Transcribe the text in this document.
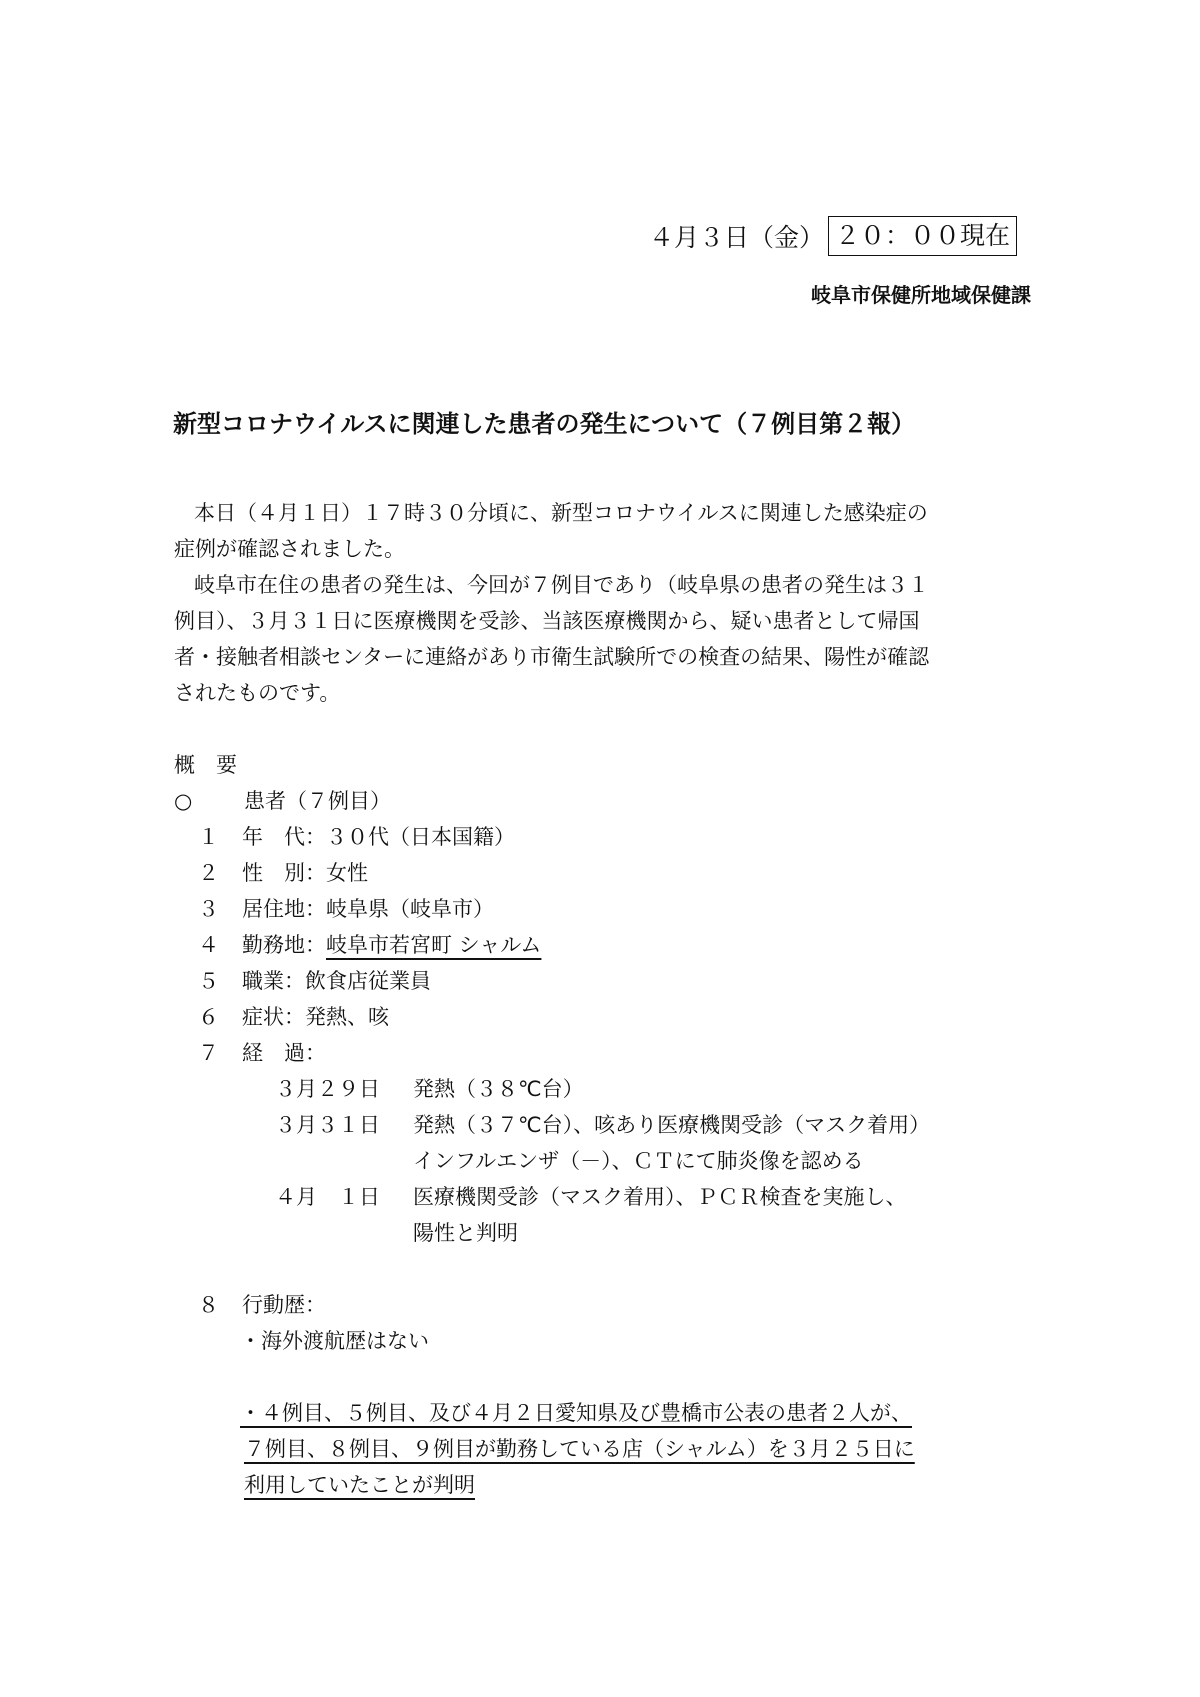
４月３日（金） ２０：００現在
岐阜市保健所地域保健課
新型コロナウイルスに関連した患者の発生について（７例目第２報）
本日（４月１日）１７時３０分頃に、新型コロナウイルスに関連した感染症の
症例が確認されました。
岐阜市在住の患者の発生は、今回が７例目であり（岐阜県の患者の発生は３１
例目）、３月３１日に医療機関を受診、当該医療機関から、疑い患者として帰国
者・接触者相談センターに連絡があり市衛生試験所での検査の結果、陽性が確認
されたものです。
概　要
○ 患者（７例目）
１ 年　代：３０代（日本国籍）
２ 性　別：女性
３ 居住地：岐阜県（岐阜市）
４ 勤務地：岐阜市若宮町 シャルム
５ 職業：飲食店従業員
６ 症状：発熱、咳
７ 経　過：
３月２９日 発熱（３８℃台）
３月３１日 発熱（３７℃台）、咳あり医療機関受診（マスク着用）
インフルエンザ（－）、ＣＴにて肺炎像を認める
４月　１日 医療機関受診（マスク着用）、ＰＣＲ検査を実施し、
陽性と判明
８ 行動歴：
・海外渡航歴はない
・４例目、５例目、及び４月２日愛知県及び豊橋市公表の患者２人が、
７例目、８例目、９例目が勤務している店（シャルム）を３月２５日に
利用していたことが判明
